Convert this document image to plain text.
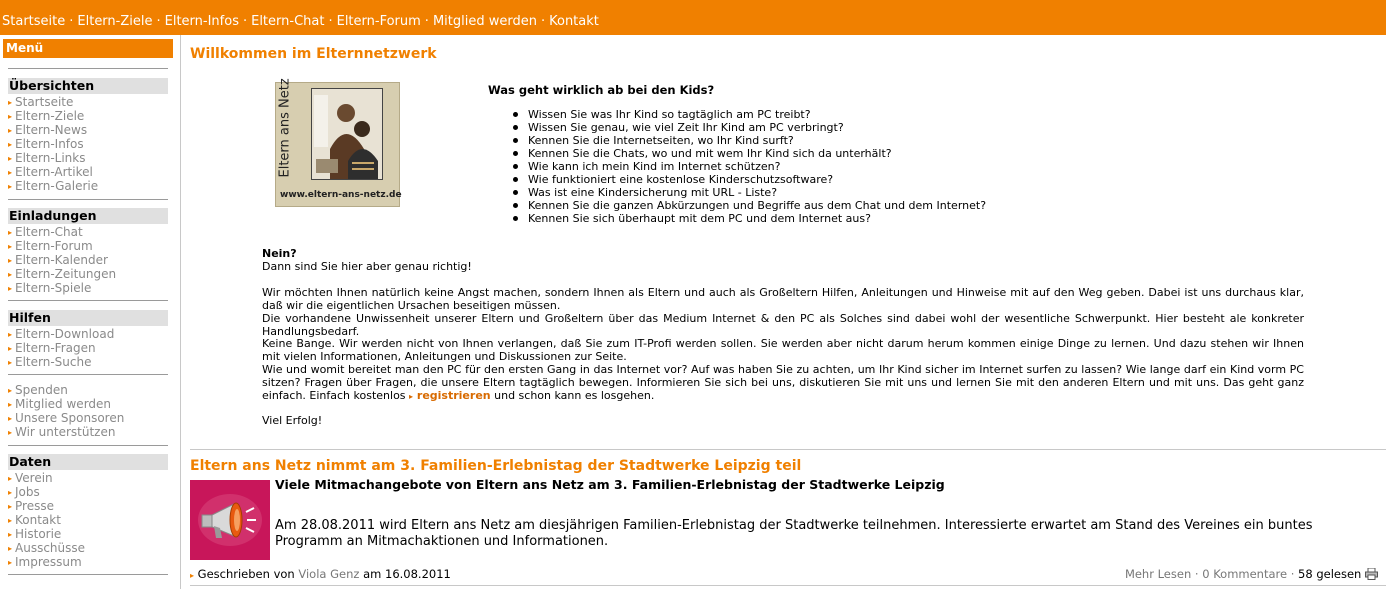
Startseite · Eltern-Ziele · Eltern-Infos · Eltern-Chat · Eltern-Forum · Mitglied werden · Kontakt
Menü
Übersichten
▸ Startseite
▸ Eltern-Ziele
▸ Eltern-News
▸ Eltern-Infos
▸ Eltern-Links
▸ Eltern-Artikel
▸ Eltern-Galerie
Einladungen
▸ Eltern-Chat
▸ Eltern-Forum
▸ Eltern-Kalender
▸ Eltern-Zeitungen
▸ Eltern-Spiele
Hilfen
▸ Eltern-Download
▸ Eltern-Fragen
▸ Eltern-Suche
▸ Spenden
▸ Mitglied werden
▸ Unsere Sponsoren
▸ Wir unterstützen
Daten
▸ Verein
▸ Jobs
▸ Presse
▸ Kontakt
▸ Historie
▸ Ausschüsse
▸ Impressum
Willkommen im Elternnetzwerk
Eltern ans Netz
www.eltern-ans-netz.de
Was geht wirklich ab bei den Kids?
Wissen Sie was Ihr Kind so tagtäglich am PC treibt?
Wissen Sie genau, wie viel Zeit Ihr Kind am PC verbringt?
Kennen Sie die Internetseiten, wo Ihr Kind surft?
Kennen Sie die Chats, wo und mit wem Ihr Kind sich da unterhält?
Wie kann ich mein Kind im Internet schützen?
Wie funktioniert eine kostenlose Kinderschutzsoftware?
Was ist eine Kindersicherung mit URL - Liste?
Kennen Sie die ganzen Abkürzungen und Begriffe aus dem Chat und dem Internet?
Kennen Sie sich überhaupt mit dem PC und dem Internet aus?

Nein?

Dann sind Sie hier aber genau richtig!

Wir möchten Ihnen natürlich keine Angst machen, sondern Ihnen als Eltern und auch als Großeltern Hilfen, Anleitungen und Hinweise mit auf den Weg geben. Dabei ist uns durchaus klar, daß wir die eigentlichen Ursachen beseitigen müssen.

Die vorhandene Unwissenheit unserer Eltern und Großeltern über das Medium Internet & den PC als Solches sind dabei wohl der wesentliche Schwerpunkt. Hier besteht ale konkreter Handlungsbedarf.

Keine Bange. Wir werden nicht von Ihnen verlangen, daß Sie zum IT-Profi werden sollen. Sie werden aber nicht darum herum kommen einige Dinge zu lernen. Und dazu stehen wir Ihnen mit vielen Informationen, Anleitungen und Diskussionen zur Seite.

Wie und womit bereitet man den PC für den ersten Gang in das Internet vor? Auf was haben Sie zu achten, um Ihr Kind sicher im Internet surfen zu lassen? Wie lange darf ein Kind vorm PC sitzen? Fragen über Fragen, die unsere Eltern tagtäglich bewegen. Informieren Sie sich bei uns, diskutieren Sie mit uns und lernen Sie mit den anderen Eltern und mit uns. Das geht ganz einfach. Einfach kostenlos ▸ registrieren und schon kann es losgehen.

Viel Erfolg!

Eltern ans Netz nimmt am 3. Familien-Erlebnistag der Stadtwerke Leipzig teil
Viele Mitmachangebote von Eltern ans Netz am 3. Familien-Erlebnistag der Stadtwerke Leipzig
Am 28.08.2011 wird Eltern ans Netz am diesjährigen Familien-Erlebnistag der Stadtwerke teilnehmen. Interessierte erwartet am Stand des Vereines ein buntes Programm an Mitmachaktionen und Informationen.
▸ Geschrieben von Viola Genz am 16.08.2011	Mehr Lesen · 0 Kommentare · 58 gelesen
